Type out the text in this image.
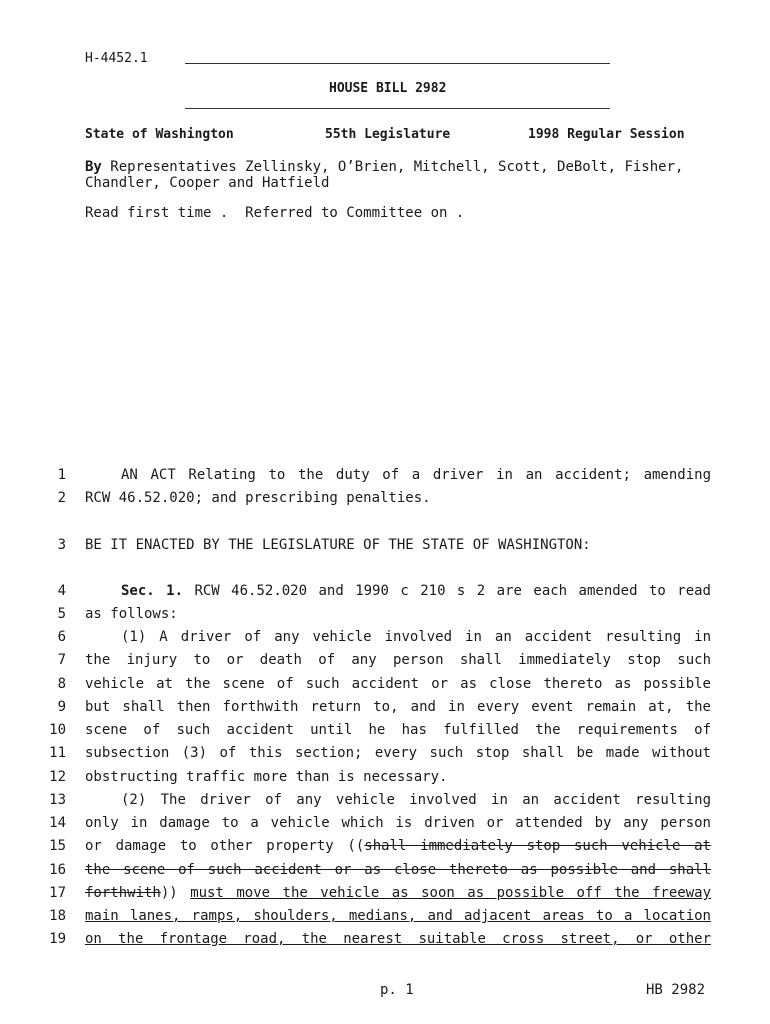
H-4452.1
HOUSE BILL 2982
State of Washington	55th Legislature	1998 Regular Session
By Representatives Zellinsky, O’Brien, Mitchell, Scott, DeBolt, Fisher, Chandler, Cooper and Hatfield
Read first time .  Referred to Committee on .
1	AN ACT Relating to the duty of a driver in an accident; amending
2 RCW 46.52.020; and prescribing penalties.
3 BE IT ENACTED BY THE LEGISLATURE OF THE STATE OF WASHINGTON:
4	Sec. 1. RCW 46.52.020 and 1990 c 210 s 2 are each amended to read
5 as follows:
6	(1) A driver of any vehicle involved in an accident resulting in
7 the injury to or death of any person shall immediately stop such
8 vehicle at the scene of such accident or as close thereto as possible
9 but shall then forthwith return to, and in every event remain at, the
10 scene of such accident until he has fulfilled the requirements of
11 subsection (3) of this section; every such stop shall be made without
12 obstructing traffic more than is necessary.
13	(2) The driver of any vehicle involved in an accident resulting
14 only in damage to a vehicle which is driven or attended by any person
15 or damage to other property ((shall immediately stop such vehicle at
16 the scene of such accident or as close thereto as possible and shall
17 forthwith)) must move the vehicle as soon as possible off the freeway
18 main lanes, ramps, shoulders, medians, and adjacent areas to a location
19 on the frontage road, the nearest suitable cross street, or other
p. 1	HB 2982
